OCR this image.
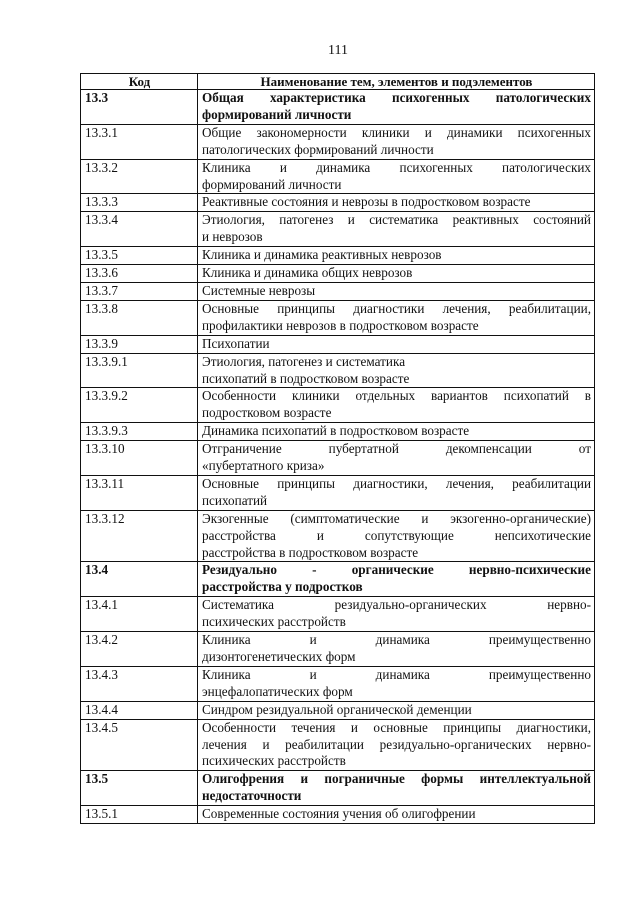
111
Код	Наименование тем, элементов и подэлементов
13.3	Общая характеристика психогенных патологических
формирований личности

13.3.1	Общие закономерности клиники и динамики психогенных
патологических формирований личности

13.3.2	Клиника и динамика психогенных патологических
формирований личности

13.3.3	Реактивные состояния и неврозы в подростковом возрасте

13.3.4	Этиология, патогенез и систематика реактивных состояний
и неврозов

13.3.5	Клиника и динамика реактивных неврозов

13.3.6	Клиника и динамика общих неврозов

13.3.7	Системные неврозы

13.3.8	Основные принципы диагностики лечения, реабилитации,
профилактики неврозов в подростковом возрасте

13.3.9	Психопатии

13.3.9.1	Этиология, патогенез и систематика
психопатий в подростковом возрасте

13.3.9.2	Особенности клиники отдельных вариантов психопатий в
подростковом возрасте

13.3.9.3	Динамика психопатий в подростковом возрасте

13.3.10	Отграничение пубертатной декомпенсации от
«пубертатного криза»

13.3.11	Основные принципы диагностики, лечения, реабилитации
психопатий

13.3.12	Экзогенные (симптоматические и экзогенно-органические)
расстройства и сопутствующие непсихотические
расстройства в подростковом возрасте

13.4	Резидуально - органические нервно-психические
расстройства у подростков

13.4.1	Систематика резидуально-органических нервно-
психических расстройств

13.4.2	Клиника и динамика преимущественно
дизонтогенетических форм

13.4.3	Клиника и динамика преимущественно
энцефалопатических форм

13.4.4	Синдром резидуальной органической деменции

13.4.5	Особенности течения и основные принципы диагностики,
лечения и реабилитации резидуально-органических нервно-
психических расстройств

13.5	Олигофрения и пограничные формы интеллектуальной
недостаточности

13.5.1	Современные состояния учения об олигофрении
